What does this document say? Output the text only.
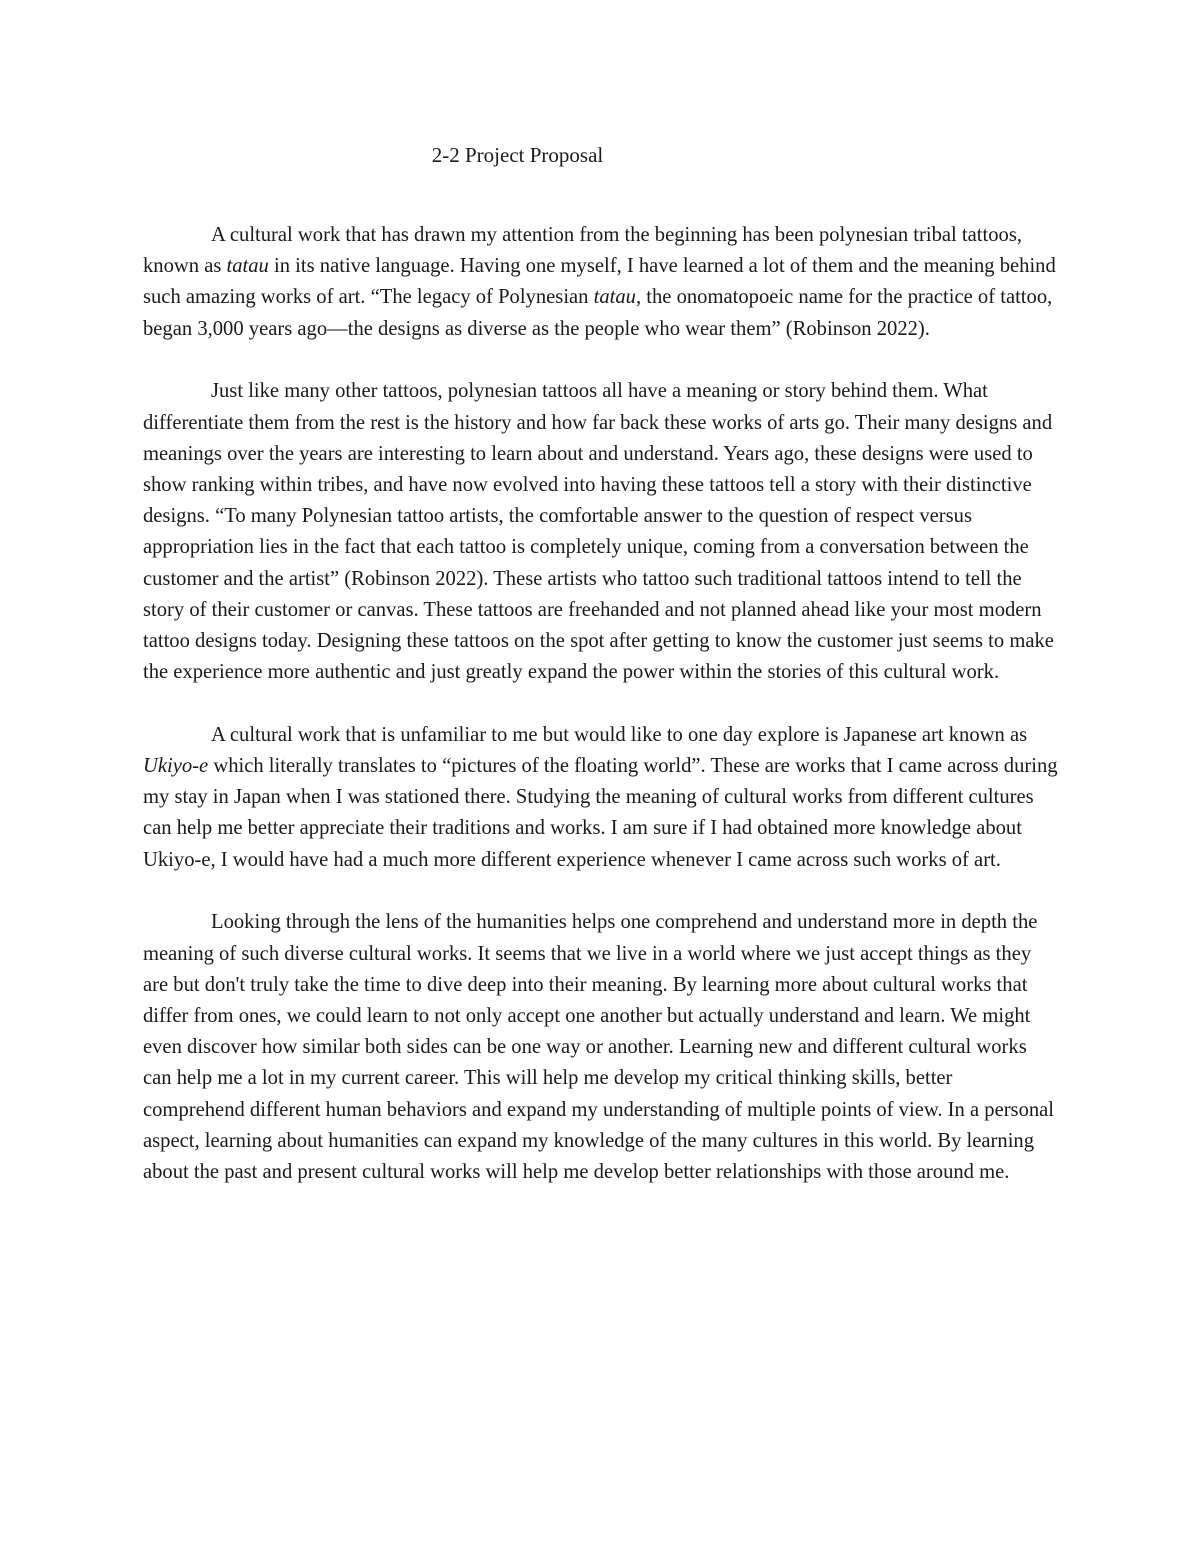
2-2 Project Proposal

A cultural work that has drawn my attention from the beginning has been polynesian tribal tattoos, known as tatau in its native language. Having one myself, I have learned a lot of them and the meaning behind such amazing works of art. “The legacy of Polynesian tatau, the onomatopoeic name for the practice of tattoo, began 3,000 years ago—the designs as diverse as the people who wear them” (Robinson 2022).

Just like many other tattoos, polynesian tattoos all have a meaning or story behind them. What differentiate them from the rest is the history and how far back these works of arts go. Their many designs and meanings over the years are interesting to learn about and understand. Years ago, these designs were used to show ranking within tribes, and have now evolved into having these tattoos tell a story with their distinctive designs. “To many Polynesian tattoo artists, the comfortable answer to the question of respect versus appropriation lies in the fact that each tattoo is completely unique, coming from a conversation between the customer and the artist” (Robinson 2022). These artists who tattoo such traditional tattoos intend to tell the story of their customer or canvas. These tattoos are freehanded and not planned ahead like your most modern tattoo designs today. Designing these tattoos on the spot after getting to know the customer just seems to make the experience more authentic and just greatly expand the power within the stories of this cultural work.

A cultural work that is unfamiliar to me but would like to one day explore is Japanese art known as Ukiyo-e which literally translates to “pictures of the floating world”. These are works that I came across during my stay in Japan when I was stationed there. Studying the meaning of cultural works from different cultures can help me better appreciate their traditions and works. I am sure if I had obtained more knowledge about Ukiyo-e, I would have had a much more different experience whenever I came across such works of art.

Looking through the lens of the humanities helps one comprehend and understand more in depth the meaning of such diverse cultural works. It seems that we live in a world where we just accept things as they are but don't truly take the time to dive deep into their meaning. By learning more about cultural works that differ from ones, we could learn to not only accept one another but actually understand and learn. We might even discover how similar both sides can be one way or another. Learning new and different cultural works can help me a lot in my current career. This will help me develop my critical thinking skills, better comprehend different human behaviors and expand my understanding of multiple points of view. In a personal aspect, learning about humanities can expand my knowledge of the many cultures in this world. By learning about the past and present cultural works will help me develop better relationships with those around me.
